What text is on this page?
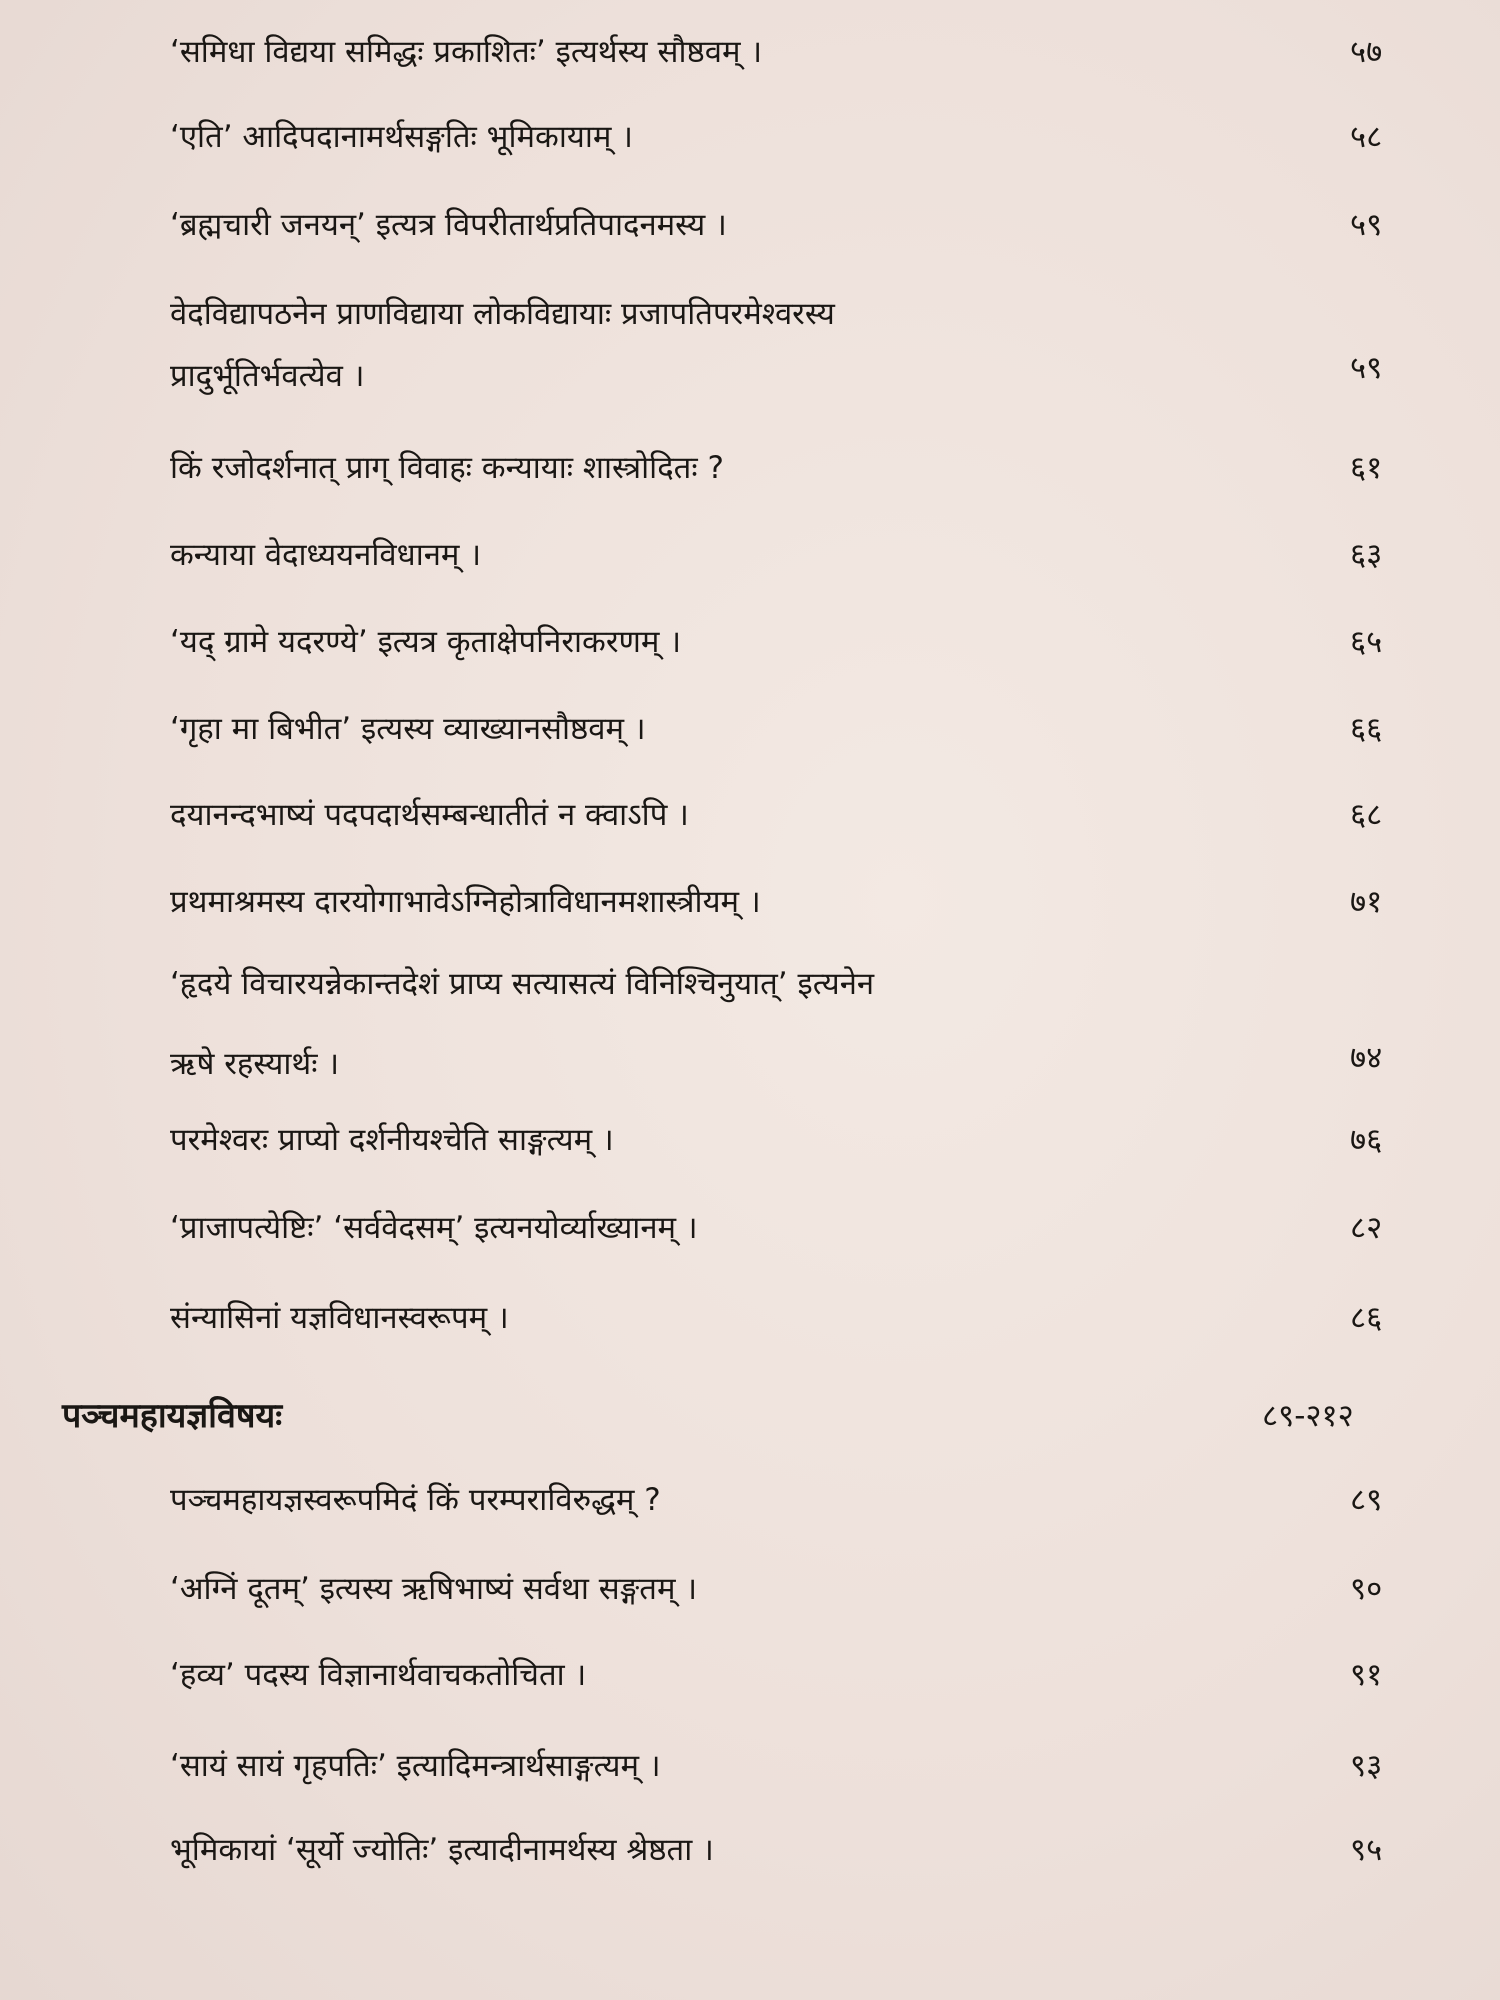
‘समिधा विद्यया समिद्धः प्रकाशितः’ इत्यर्थस्य सौष्ठवम् ।	५७
‘एति’ आदिपदानामर्थसङ्गतिः भूमिकायाम् ।	५८
‘ब्रह्मचारी जनयन्’ इत्यत्र विपरीतार्थप्रतिपादनमस्य ।	५९
वेदविद्यापठनेन प्राणविद्याया लोकविद्यायाः प्रजापतिपरमेश्वरस्य
प्रादुर्भूतिर्भवत्येव ।	५९
किं रजोदर्शनात् प्राग् विवाहः कन्यायाः शास्त्रोदितः ?	६१
कन्याया वेदाध्ययनविधानम् ।	६३
‘यद् ग्रामे यदरण्ये’ इत्यत्र कृताक्षेपनिराकरणम् ।	६५
‘गृहा मा बिभीत’ इत्यस्य व्याख्यानसौष्ठवम् ।	६६
दयानन्दभाष्यं पदपदार्थसम्बन्धातीतं न क्वाऽपि ।	६८
प्रथमाश्रमस्य दारयोगाभावेऽग्निहोत्राविधानमशास्त्रीयम् ।	७१
‘हृदये विचारयन्नेकान्तदेशं प्राप्य सत्यासत्यं विनिश्चिनुयात्’ इत्यनेन
ऋषे रहस्यार्थः ।	७४
परमेश्वरः प्राप्यो दर्शनीयश्चेति साङ्गत्यम् ।	७६
‘प्राजापत्येष्टिः’ ‘सर्ववेदसम्’ इत्यनयोर्व्याख्यानम् ।	८२
संन्यासिनां यज्ञविधानस्वरूपम् ।	८६
पञ्चमहायज्ञविषयः	८९-२१२
पञ्चमहायज्ञस्वरूपमिदं किं परम्पराविरुद्धम् ?	८९
‘अग्निं दूतम्’ इत्यस्य ऋषिभाष्यं सर्वथा सङ्गतम् ।	९०
‘हव्य’ पदस्य विज्ञानार्थवाचकतोचिता ।	९१
‘सायं सायं गृहपतिः’ इत्यादिमन्त्रार्थसाङ्गत्यम् ।	९३
भूमिकायां ‘सूर्यो ज्योतिः’ इत्यादीनामर्थस्य श्रेष्ठता ।	९५
